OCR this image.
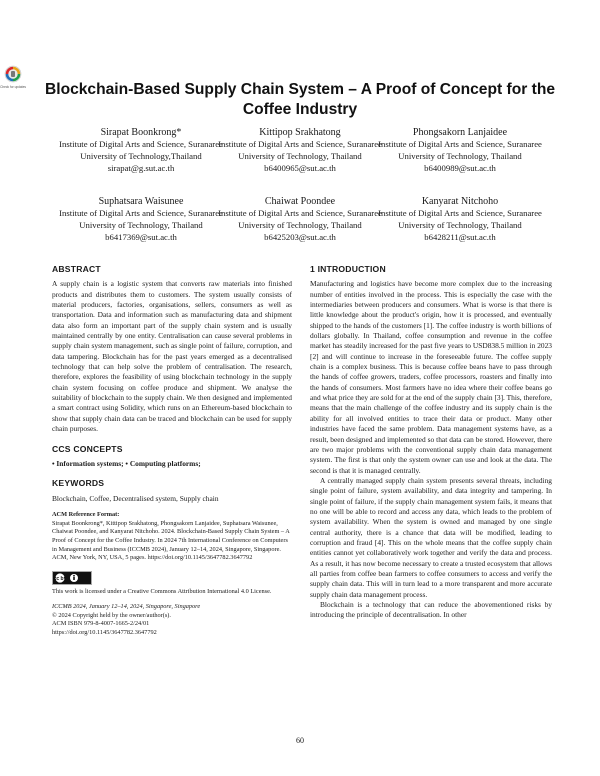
Check for updates	Blockchain-Based Supply Chain System – A Proof of Concept for the Coffee Industry
Sirapat Boonkrong*
Institute of Digital Arts and Science, Suranaree University of Technology,Thailand
sirapat@g.sut.ac.th
Kittipop Srakhatong
Institute of Digital Arts and Science, Suranaree University of Technology, Thailand
b6400965@sut.ac.th
Phongsakorn Lanjaidee
Institute of Digital Arts and Science, Suranaree University of Technology, Thailand
b6400989@sut.ac.th
Suphatsara Waisunee
Institute of Digital Arts and Science, Suranaree University of Technology, Thailand
b6417369@sut.ac.th
Chaiwat Poondee
Institute of Digital Arts and Science, Suranaree University of Technology, Thailand
b6425203@sut.ac.th
Kanyarat Nitchoho
Institute of Digital Arts and Science, Suranaree University of Technology, Thailand
b6428211@sut.ac.th
ABSTRACT

A supply chain is a logistic system that converts raw materials into finished products and distributes them to customers. The system usually consists of material producers, factories, organisations, sellers, consumers as well as transportation. Data and information such as manufacturing data and shipment data also form an important part of the supply chain system and is usually maintained centrally by one entity. Centralisation can cause several problems in supply chain system management, such as single point of failure, corruption, and data tampering. Blockchain has for the past years emerged as a decentralised technology that can help solve the problem of centralisation. The research, therefore, explores the feasibility of using blockchain technology in the supply chain system focusing on coffee produce and shipment. We analyse the suitability of blockchain to the supply chain. We then designed and implemented a smart contract using Solidity, which runs on an Ethereum-based blockchain to show that supply chain data can be traced and blockchain can be used for supply chain purposes.

CCS CONCEPTS

• Information systems; • Computing platforms;

KEYWORDS

Blockchain, Coffee, Decentralised system, Supply chain

ACM Reference Format:

Sirapat Boonkrong*, Kittipop Srakhatong, Phongsakorn Lanjaidee, Suphatsara Waisunee, Chaiwat Poondee, and Kanyarat Nitchoho. 2024. Blockchain-Based Supply Chain System – A Proof of Concept for the Coffee Industry. In 2024 7th International Conference on Computers in Management and Business (ICCMB 2024), January 12–14, 2024, Singapore, Singapore. ACM, New York, NY, USA, 5 pages. https://doi.org/10.1145/3647782.3647792

cc by

This work is licensed under a Creative Commons Attribution International 4.0 License.

ICCMB 2024, January 12–14, 2024, Singapore, Singapore

© 2024 Copyright held by the owner/author(s).

ACM ISBN 979-8-4007-1665-2/24/01

https://doi.org/10.1145/3647782.3647792

1 INTRODUCTION

Manufacturing and logistics have become more complex due to the increasing number of entities involved in the process. This is especially the case with the intermediaries between producers and consumers. What is worse is that there is little knowledge about the product's origin, how it is processed, and eventually shipped to the hands of the customers [1]. The coffee industry is worth billions of dollars globally. In Thailand, coffee consumption and revenue in the coffee market has steadily increased for the past five years to USD838.5 million in 2023 [2] and will continue to increase in the foreseeable future. The coffee supply chain is a complex business. This is because coffee beans have to pass through the hands of coffee growers, traders, coffee processors, roasters and finally into the hands of consumers. Most farmers have no idea where their coffee beans go and what price they are sold for at the end of the supply chain [3]. This, therefore, means that the main challenge of the coffee industry and its supply chain is the ability for all involved entities to trace their data or product. Many other industries have faced the same problem. Data management systems have, as a result, been designed and implemented so that data can be stored. However, there are two major problems with the conventional supply chain data management system. The first is that only the system owner can use and look at the data. The second is that it is managed centrally.

A centrally managed supply chain system presents several threats, including single point of failure, system availability, and data integrity and tampering. In single point of failure, if the supply chain management system fails, it means that no one will be able to record and access any data, which leads to the problem of system availability. When the system is owned and managed by one single central authority, there is a chance that data will be modified, leading to corruption and fraud [4]. This on the whole means that the coffee supply chain entities cannot yet collaboratively work together and verify the data and process. As a result, it has now become necessary to create a trusted ecosystem that allows all parties from coffee bean farmers to coffee consumers to access and verify the supply chain data. This will in turn lead to a more transparent and more accurate supply chain data management process.

Blockchain is a technology that can reduce the abovementioned risks by introducing the principle of decentralisation. In other

60
